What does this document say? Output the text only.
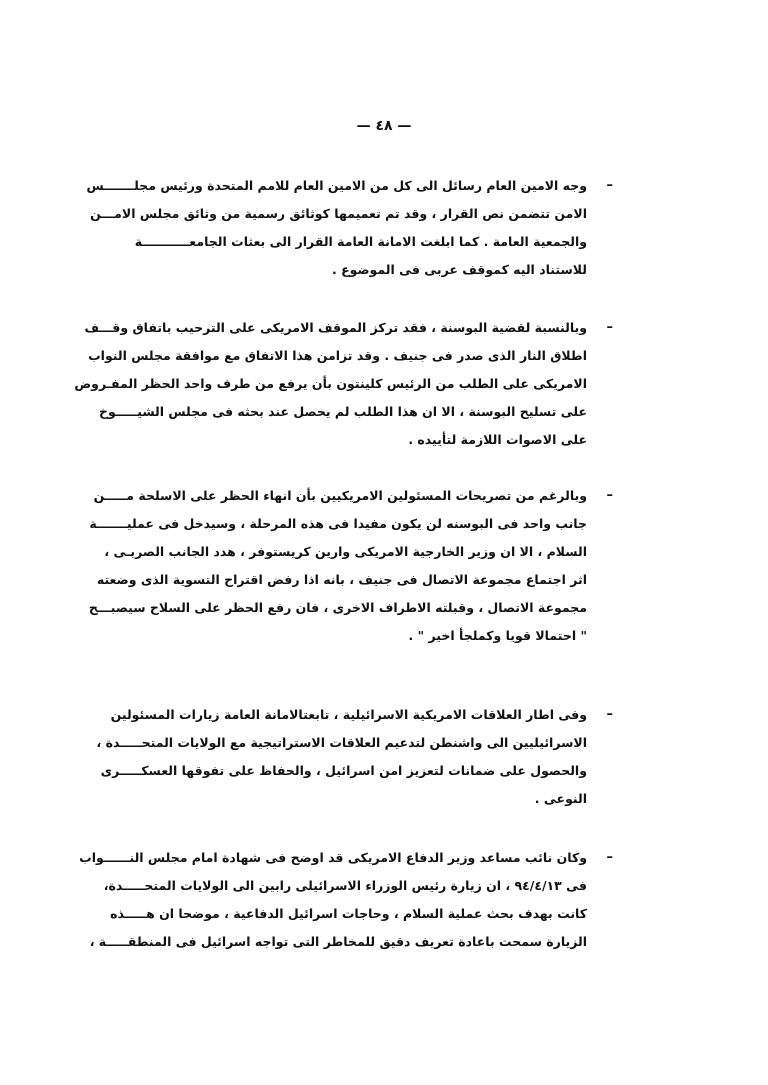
— ٤٨ —
–
وجه الامين العام رسائل الى كل من الامين العام للامم المتحدة ورئيس مجلـــــــس
الامن تتضمن نص القرار ، وقد تم تعميمها كوثائق رسمية من وثائق مجلس الامـــن
والجمعية العامة . كما ابلغت الامانة العامة القرار الى بعثات الجامعـــــــــــة
للاستناد اليه كموقف عربى فى الموضوع .
–
وبالنسبة لقضية البوسنة ، فقد تركز الموقف الامريكى على الترحيب باتفاق وقـــف
اطلاق النار الذى صدر فى جنيف . وقد تزامن هذا الاتفاق مع موافقة مجلس النواب
الامريكى على الطلب من الرئيس كلينتون بأن يرفع من طرف واحد الحظر المفـروض
على تسليح البوسنة ، الا ان هذا الطلب لم يحصل عند بحثه فى مجلس الشيـــــوخ
على الاصوات اللازمة لتأييده .
–
وبالرغم من تصريحات المسئولين الامريكيين بأن انهاء الحظر على الاسلحة مـــــن
جانب واحد فى البوسنه لن يكون مفيدا فى هذه المرحلة ، وسيدخل فى عمليـــــــة
السلام ، الا ان وزير الخارجية الامريكى وارين كريستوفر ، هدد الجانب الصربـى ،
اثر اجتماع مجموعة الاتصال فى جنيف ، بانه اذا رفض اقتراح التسوية الذى وضعته
مجموعة الاتصال ، وقبلته الاطراف الاخرى ، فان رفع الحظر على السلاح سيصبـــح
" احتمالا قويا وكملجأ اخير " .
–
وفى اطار العلاقات الامريكية الاسرائيلية ، تابعتالامانة العامة زيارات المسئولين
الاسرائيليين الى واشنطن لتدعيم العلاقات الاستراتيجية مع الولايات المتحـــــدة ،
والحصول على ضمانات لتعزيز امن اسرائيل ، والحفاظ على تفوقها العسكـــــرى
النوعى .
–
وكان نائب مساعد وزير الدفاع الامريكى قد اوضح فى شهادة امام مجلس النــــــواب
فى ٩٤/٤/١٣ ، ان زيارة رئيس الوزراء الاسرائيلى رابين الى الولايات المتحـــــدة،
كانت بهدف بحث عملية السلام ، وحاجات اسرائيل الدفاعية ، موضحا ان هـــــذه
الزيارة سمحت باعادة تعريف دقيق للمخاطر التى تواجه اسرائيل فى المنطقـــــة ،
